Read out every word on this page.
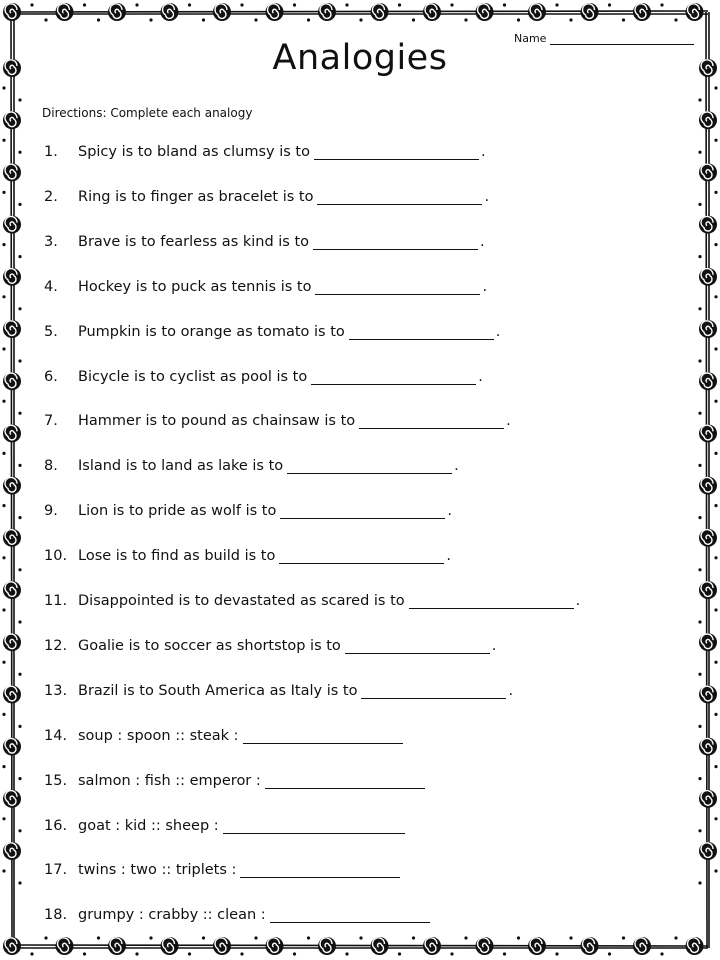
Analogies	Name
Directions: Complete each analogy
1.	Spicy is to bland as clumsy is to	.
2.	Ring is to finger as bracelet is to	.
3.	Brave is to fearless as kind is to	.
4.	Hockey is to puck as tennis is to	.
5.	Pumpkin is to orange as tomato is to	.
6.	Bicycle is to cyclist as pool is to	.
7.	Hammer is to pound as chainsaw is to	.
8.	Island is to land as lake is to	.
9.	Lion is to pride as wolf is to	.
10. Lose is to find as build is to	.
11. Disappointed is to devastated as scared is to	.
12. Goalie is to soccer as shortstop is to	.
13. Brazil is to South America as Italy is to	.
14. soup : spoon :: steak :
15. salmon : fish :: emperor :
16. goat : kid :: sheep :
17. twins : two :: triplets :
18. grumpy : crabby :: clean :
